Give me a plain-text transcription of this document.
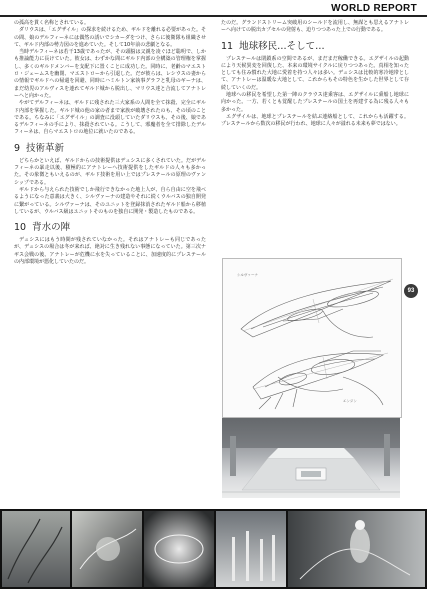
WORLD REPORT

の孤高を貫く名称とされている。

ダリウスは、「エグザイル」の探求を続けるため、ギルドを離れる必要があった。その間、娘のデルフィーネには偶然の誘いでシカーダをつけ、さらに後衛隊も組織させて、ギルド内部の勢力図のを進めていた。そして10年前の悲劇となる。

当時デルフィーネは若干13歳であったが、その頭脳は父親を凌ぐほど聡明で、しかも推論能力に長けていた。彼女は、わずかな間にギルド内部の全構築の管理権を掌握し、多くのギルドメンバーを支配下に置くことに成功した。同時に、老齢のマエストロ・ジェームスを幽閉、マエストローから引退した。だが彼らは、レシウスの妻からの情報でギルドへの帰還を回避、同時にハミルトン家執事グラフと乳母のギーナは、まだ幼児のアルヴィスを連れてギルド城から脱出し、マリウス達と合流してアナトレーへと向かった。

やがてデルフィーネは、ギルドに残された三大家系の人間を全て抹殺、完全にギルド内部を掌握した。ギルド城の他の家の者まで家族が破壊されたのも、その頃のことである。ちなみに「エグザイル」の調査に没頭していたダリウスも、その後、娘であるデルフィーネの手により、抹殺されている。こうして、邪魔者を全て排除したデルフィーネは、自らマエストロの地位に就いたのである。

9 技術革新

どちらかといえば、ギルドからの技術提供はデュシスに多くされていた。だがデルフィーネの暴走以後、積極的にアナトレーへ技術提供をしたギルドの人々も多かった。その象徴ともいえるのが、ギルド技術を用い上ではプレステールの原理のヴァンシップである。

ギルドから与えられた技術でしか飛行できなかった地上人が、自ら自由に空を飛べるようになった意義は大きく、シルヴァーナの建造やそれに続くウルバスの独自開発に繋がっている。シルヴァーナは、そのユニットを登録抹消されたギルド船から移植しているが、ウルバス級はユニットそのものを独自に開発・製造したものである。

10 背水の陣

デュシスにはもう時間が残されていなかった。それはアナトレーも同じであったが、デュシスの場合は冬が来れば、絶対に生き残れない事態になっていた。第三次ナギス会戦の後、アナトレーが危機に水を失っていることに、加速度的にプレステールの内部環境が悪化していたのだ。

たのだ。グランドストリーム突破用のシールドを流用し、無謀とも思えるアナトレーへ向けての脱出カプセルの発射も、迫りつつあった上での行動である。

11 地球移民…そして…

プレステールは閉鎖系の空間であるが、まだまだ稼働できる。エグザイルの起動により天候異変を回復した、本来の環境サイクルに戻りつつあった。真相を知ったとしても住み慣れた大地に愛着を持つ人々は多い。デュシスは比較的寒冷地帯として、アナトレーは温暖な大地として、これからもその特色を生かした世界として存続していくのだ。

地球への移民を希望した第一陣のクラウス達乗客は、エグザイルに乗船し地球に向かった。一方、若くとも覚醒したプレステールの国土を再建する為に残る人々も多かった。

エグザイルは、地球とプレステールを結ぶ連絡船として、これからも活躍する。プレステールから数次の移民が行われ、地球に人々が溢れる未来も夢ではない。

シルヴァーナ
エンジン
93
